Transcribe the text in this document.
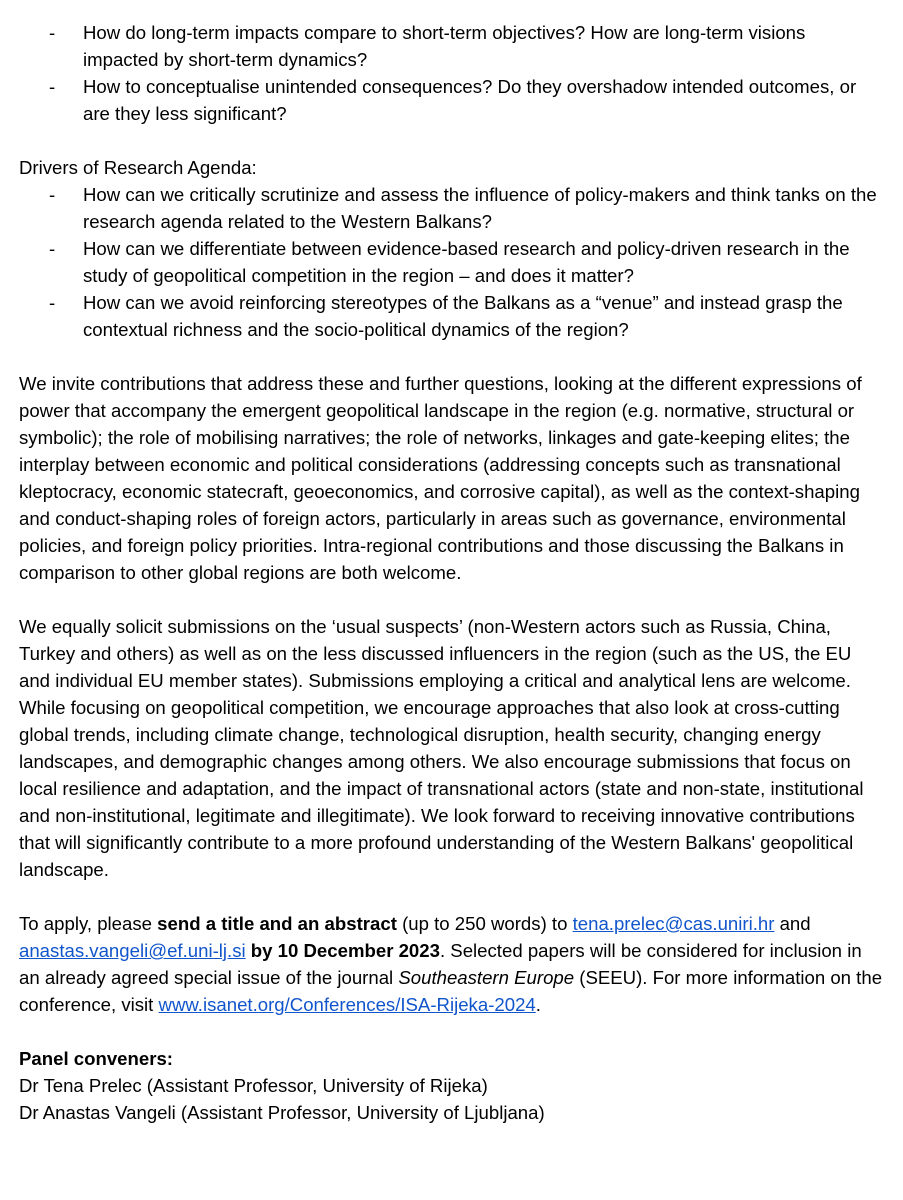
- How do long-term impacts compare to short-term objectives? How are long-term visions impacted by short-term dynamics?
- How to conceptualise unintended consequences? Do they overshadow intended outcomes, or are they less significant?

Drivers of Research Agenda:

- How can we critically scrutinize and assess the influence of policy-makers and think tanks on the research agenda related to the Western Balkans?
- How can we differentiate between evidence-based research and policy-driven research in the study of geopolitical competition in the region – and does it matter?
- How can we avoid reinforcing stereotypes of the Balkans as a “venue” and instead grasp the contextual richness and the socio-political dynamics of the region?

We invite contributions that address these and further questions, looking at the different expressions of power that accompany the emergent geopolitical landscape in the region (e.g. normative, structural or symbolic); the role of mobilising narratives; the role of networks, linkages and gate-keeping elites; the interplay between economic and political considerations (addressing concepts such as transnational kleptocracy, economic statecraft, geoeconomics, and corrosive capital), as well as the context-shaping and conduct-shaping roles of foreign actors, particularly in areas such as governance, environmental policies, and foreign policy priorities. Intra-regional contributions and those discussing the Balkans in comparison to other global regions are both welcome.

We equally solicit submissions on the ‘usual suspects’ (non-Western actors such as Russia, China, Turkey and others) as well as on the less discussed influencers in the region (such as the US, the EU and individual EU member states). Submissions employing a critical and analytical lens are welcome. While focusing on geopolitical competition, we encourage approaches that also look at cross-cutting global trends, including climate change, technological disruption, health security, changing energy landscapes, and demographic changes among others. We also encourage submissions that focus on local resilience and adaptation, and the impact of transnational actors (state and non-state, institutional and non-institutional, legitimate and illegitimate). We look forward to receiving innovative contributions that will significantly contribute to a more profound understanding of the Western Balkans' geopolitical landscape.

To apply, please send a title and an abstract (up to 250 words) to tena.prelec@cas.uniri.hr and anastas.vangeli@ef.uni-lj.si by 10 December 2023. Selected papers will be considered for inclusion in an already agreed special issue of the journal Southeastern Europe (SEEU). For more information on the conference, visit www.isanet.org/Conferences/ISA-Rijeka-2024.

Panel conveners:

Dr Tena Prelec (Assistant Professor, University of Rijeka)

Dr Anastas Vangeli (Assistant Professor, University of Ljubljana)
